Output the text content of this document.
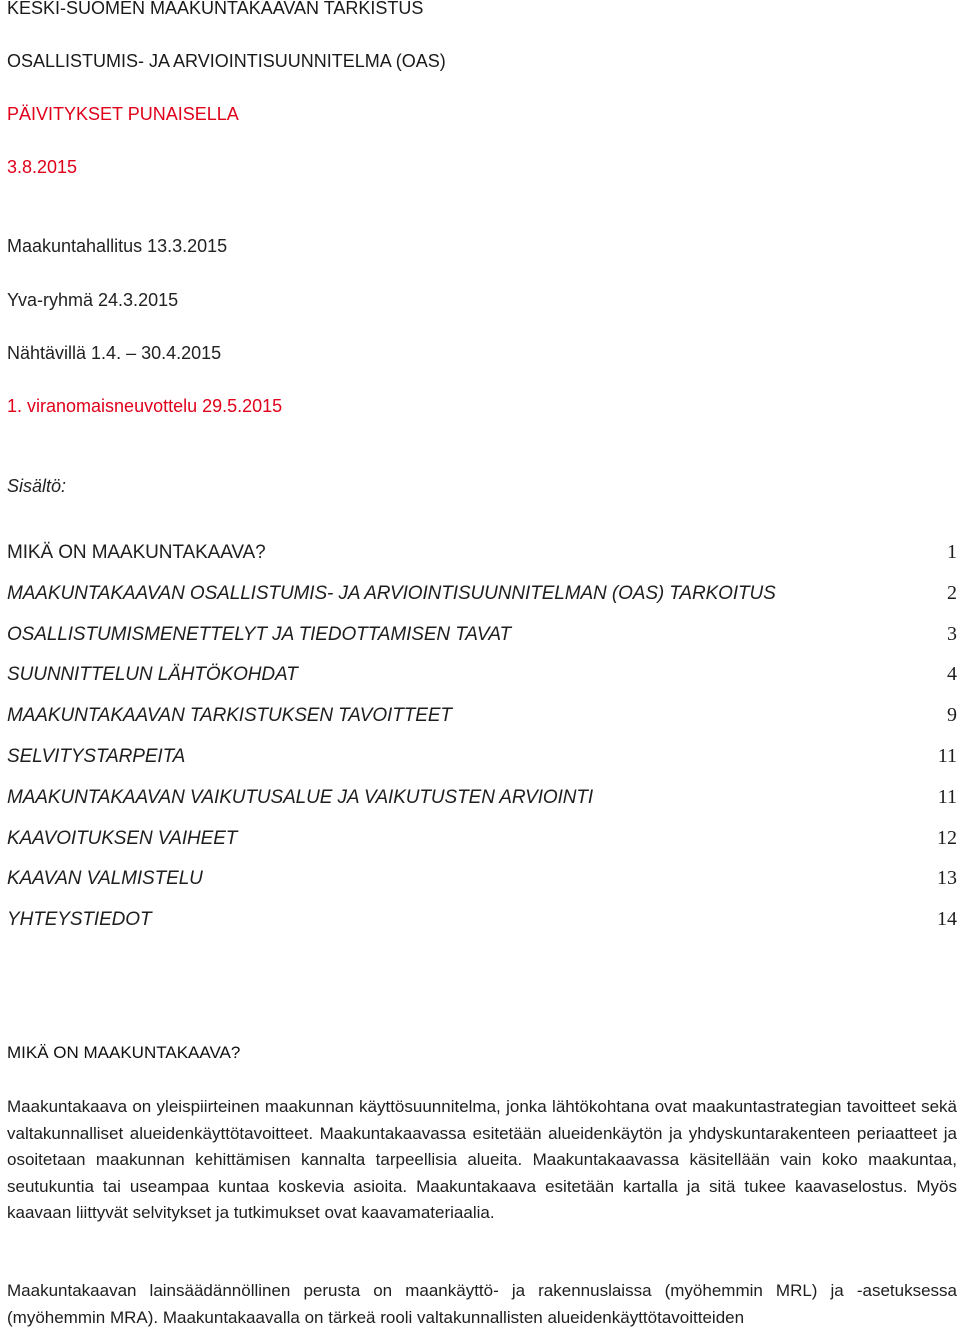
KESKI-SUOMEN MAAKUNTAKAAVAN TARKISTUS
OSALLISTUMIS- JA ARVIOINTISUUNNITELMA (OAS)
PÄIVITYKSET PUNAISELLA
3.8.2015
Maakuntahallitus 13.3.2015
Yva-ryhmä 24.3.2015
Nähtävillä 1.4. – 30.4.2015
1. viranomaisneuvottelu 29.5.2015
Sisältö:
MIKÄ ON MAAKUNTAKAAVA?	1
MAAKUNTAKAAVAN OSALLISTUMIS- JA ARVIOINTISUUNNITELMAN (OAS) TARKOITUS	2
OSALLISTUMISMENETTELYT JA TIEDOTTAMISEN TAVAT	3
SUUNNITTELUN LÄHTÖKOHDAT	4
MAAKUNTAKAAVAN TARKISTUKSEN TAVOITTEET	9
SELVITYSTARPEITA	11
MAAKUNTAKAAVAN VAIKUTUSALUE JA VAIKUTUSTEN ARVIOINTI	11
KAAVOITUKSEN VAIHEET	12
KAAVAN VALMISTELU	13
YHTEYSTIEDOT	14
MIKÄ ON MAAKUNTAKAAVA?

Maakuntakaava on yleispiirteinen maakunnan käyttösuunnitelma, jonka lähtökohtana ovat maakuntastrategian tavoitteet sekä valtakunnalliset alueidenkäyttötavoitteet. Maakuntakaavassa esitetään alueidenkäytön ja yhdyskuntarakenteen periaatteet ja osoitetaan maakunnan kehittämisen kannalta tarpeellisia alueita. Maakuntakaavassa käsitellään vain koko maakuntaa, seutukuntia tai useampaa kuntaa koskevia asioita. Maakuntakaava esitetään kartalla ja sitä tukee kaavaselostus. Myös kaavaan liittyvät selvitykset ja tutkimukset ovat kaavamateriaalia.

Maakuntakaavan lainsäädännöllinen perusta on maankäyttö- ja rakennuslaissa (myöhemmin MRL) ja -asetuksessa (myöhemmin MRA). Maakuntakaavalla on tärkeä rooli valtakunnallisten alueidenkäyttötavoitteiden
